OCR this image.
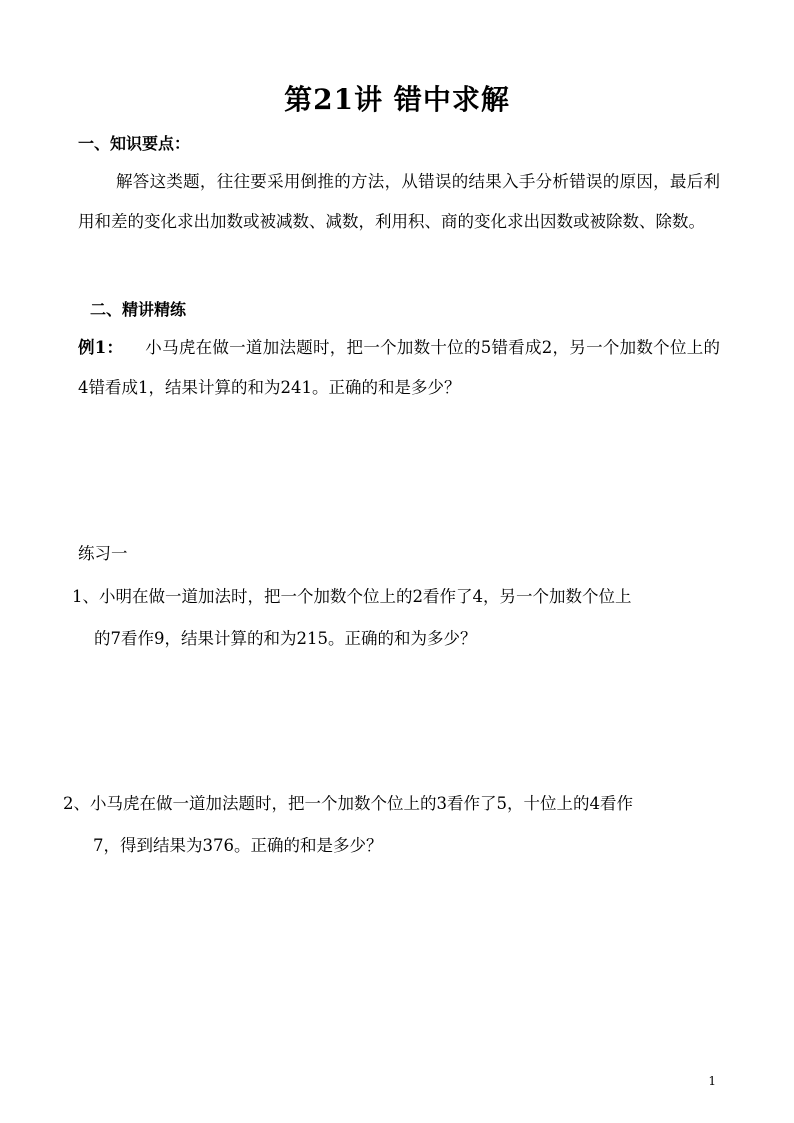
第21讲 错中求解
一、知识要点：
解答这类题，往往要采用倒推的方法，从错误的结果入手分析错误的原因，最后利用和差的变化求出加数或被减数、减数，利用积、商的变化求出因数或被除数、除数。
二、精讲精练
例1： 小马虎在做一道加法题时，把一个加数十位的5错看成2，另一个加数个位上的4错看成1，结果计算的和为241。正确的和是多少？
练习一
1、小明在做一道加法时，把一个加数个位上的2看作了4，另一个加数个位上
的7看作9，结果计算的和为215。正确的和为多少？
2、小马虎在做一道加法题时，把一个加数个位上的3看作了5，十位上的4看作
7，得到结果为376。正确的和是多少？
1
